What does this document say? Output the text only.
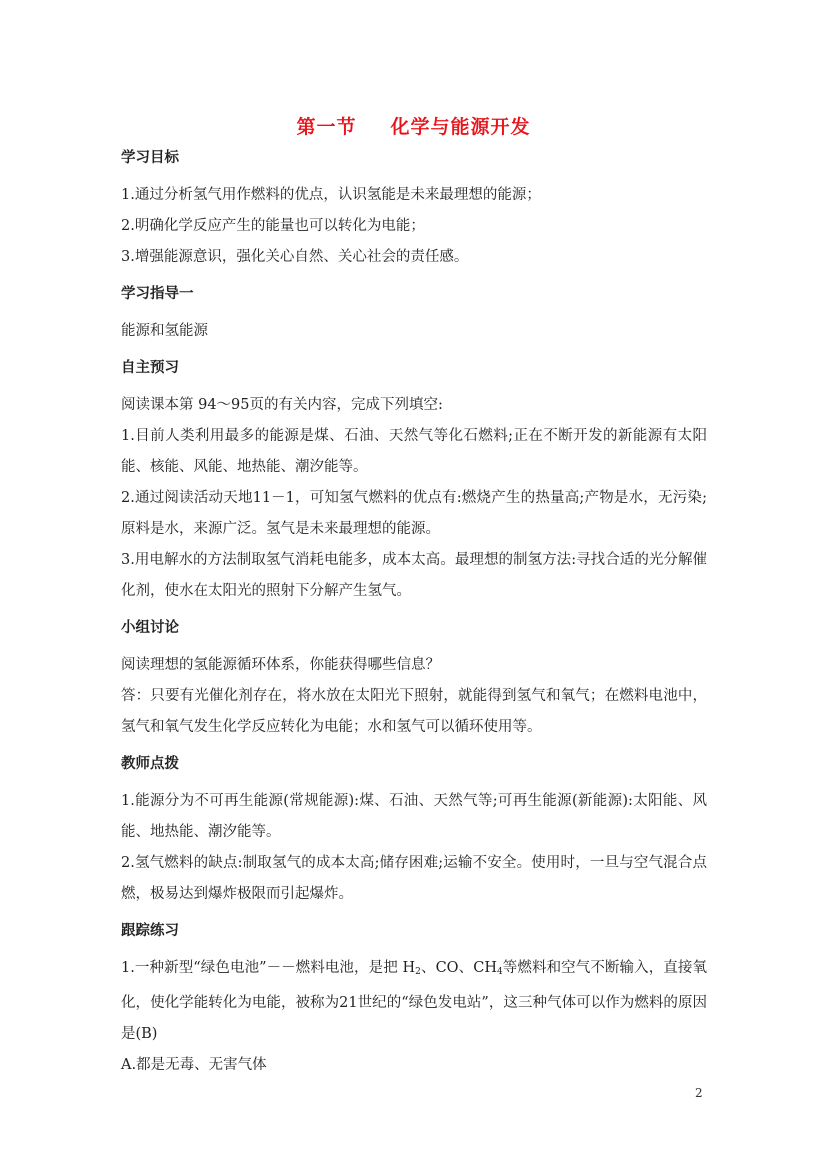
第一节 化学与能源开发
学习目标

1.通过分析氢气用作燃料的优点，认识氢能是未来最理想的能源；

2.明确化学反应产生的能量也可以转化为电能；

3.增强能源意识，强化关心自然、关心社会的责任感。

学习指导一

能源和氢能源

自主预习

阅读课本第 94～95页的有关内容，完成下列填空:

1.目前人类利用最多的能源是煤、石油、天然气等化石燃料;正在不断开发的新能源有太阳能、核能、风能、地热能、潮汐能等。

2.通过阅读活动天地11－1，可知氢气燃料的优点有:燃烧产生的热量高;产物是水，无污染;原料是水，来源广泛。氢气是未来最理想的能源。

3.用电解水的方法制取氢气消耗电能多，成本太高。最理想的制氢方法:寻找合适的光分解催化剂，使水在太阳光的照射下分解产生氢气。

小组讨论

阅读理想的氢能源循环体系，你能获得哪些信息？

答：只要有光催化剂存在，将水放在太阳光下照射，就能得到氢气和氧气；在燃料电池中，氢气和氧气发生化学反应转化为电能；水和氢气可以循环使用等。

教师点拨

1.能源分为不可再生能源(常规能源):煤、石油、天然气等;可再生能源(新能源):太阳能、风能、地热能、潮汐能等。

2.氢气燃料的缺点:制取氢气的成本太高;储存困难;运输不安全。使用时，一旦与空气混合点燃，极易达到爆炸极限而引起爆炸。

跟踪练习

1.一种新型“绿色电池”－－燃料电池，是把 $H_2$、CO、$CH_4$等燃料和空气不断输入，直接氧化，使化学能转化为电能，被称为21世纪的“绿色发电站”，这三种气体可以作为燃料的原因是(B)

A.都是无毒、无害气体

2
